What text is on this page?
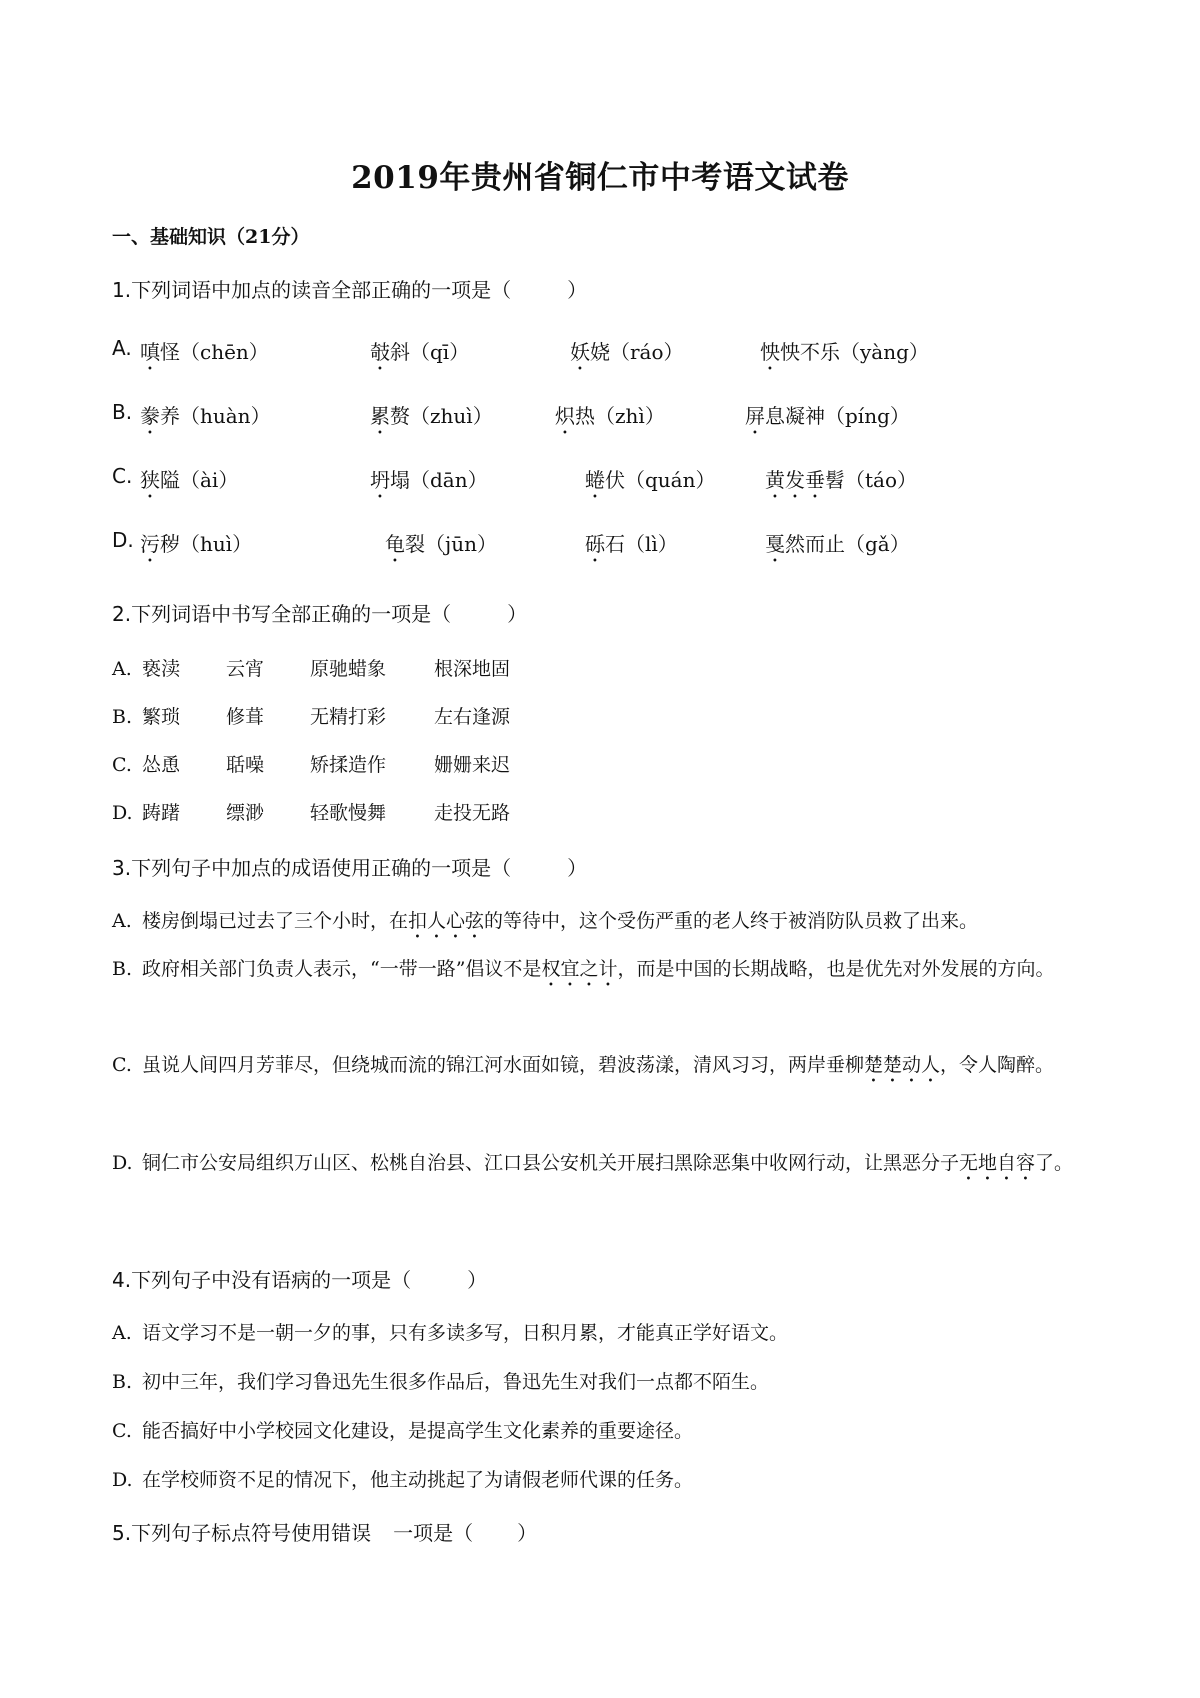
2019年贵州省铜仁市中考语文试卷

一、基础知识（21分）

1.下列词语中加点的读音全部正确的一项是（	）

A. 嗔怪（chēn）	攲斜（qī）	妖娆（ráo）	怏怏不乐（yàng）
B. 豢养（huàn）	累赘（zhuì）	炽热（zhì）	屏息凝神（píng）
C. 狭隘（ài）	坍塌（dān）	蜷伏（quán） 黄发垂髫（táo）
D. 污秽（huì）	龟裂（jūn）	砾石（lì）	戛然而止（gǎ）

2.下列词语中书写全部正确的一项是（	）

A. 亵渎 云宵 原驰蜡象	根深地固
B. 繁琐 修葺 无精打彩	左右逢源
C. 怂恿 聒噪 矫揉造作	姗姗来迟
D. 踌躇 缥渺 轻歌慢舞	走投无路

3.下列句子中加点的成语使用正确的一项是（	）

A. 楼房倒塌已过去了三个小时，在扣人心弦的等待中，这个受伤严重的老人终于被消防队员救了出来。

B. 政府相关部门负责人表示，“一带一路”倡议不是权宜之计，而是中国的长期战略，也是优先对外发展的方向。

C. 虽说人间四月芳菲尽，但绕城而流的锦江河水面如镜，碧波荡漾，清风习习，两岸垂柳楚楚动人，令人陶醉。

D. 铜仁市公安局组织万山区、松桃自治县、江口县公安机关开展扫黑除恶集中收网行动，让黑恶分子无地自容了。

4.下列句子中没有语病的一项是（	）

A. 语文学习不是一朝一夕的事，只有多读多写，日积月累，才能真正学好语文。

B. 初中三年，我们学习鲁迅先生很多作品后，鲁迅先生对我们一点都不陌生。

C. 能否搞好中小学校园文化建设，是提高学生文化素养的重要途径。

D. 在学校师资不足的情况下，他主动挑起了为请假老师代课的任务。

5.下列句子标点符号使用错误 一项是（ ）
